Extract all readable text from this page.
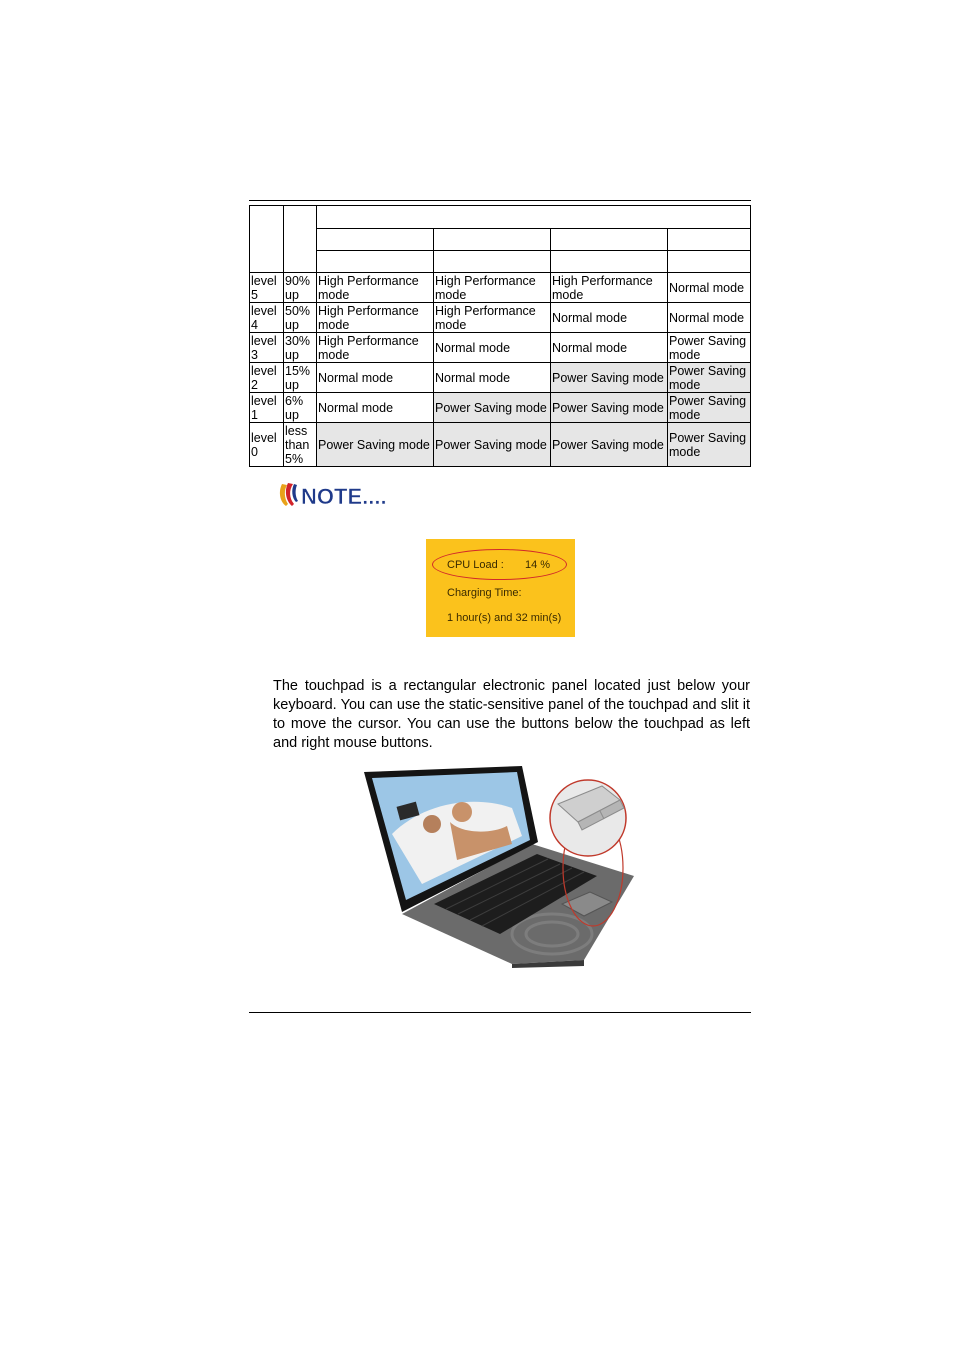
level 5	90% up	High Performance mode	High Performance mode	High Performance mode	Normal mode
level 4	50% up	High Performance mode	High Performance mode	Normal mode	Normal mode
level 3	30% up	High Performance mode	Normal mode	Normal mode	Power Saving mode
level 2	15% up	Normal mode	Normal mode	Power Saving mode	Power Saving mode
level 1	6% up	Normal mode	Power Saving mode	Power Saving mode	Power Saving mode
level 0	less than 5%	Power Saving mode	Power Saving mode	Power Saving mode	Power Saving mode
NOTE....
CPU Load : 14 %
Charging Time:
1 hour(s) and 32 min(s)

The touchpad is a rectangular electronic panel located just below your keyboard. You can use the static-sensitive panel of the touchpad and slit it to move the cursor. You can use the buttons below the touchpad as left and right mouse buttons.
